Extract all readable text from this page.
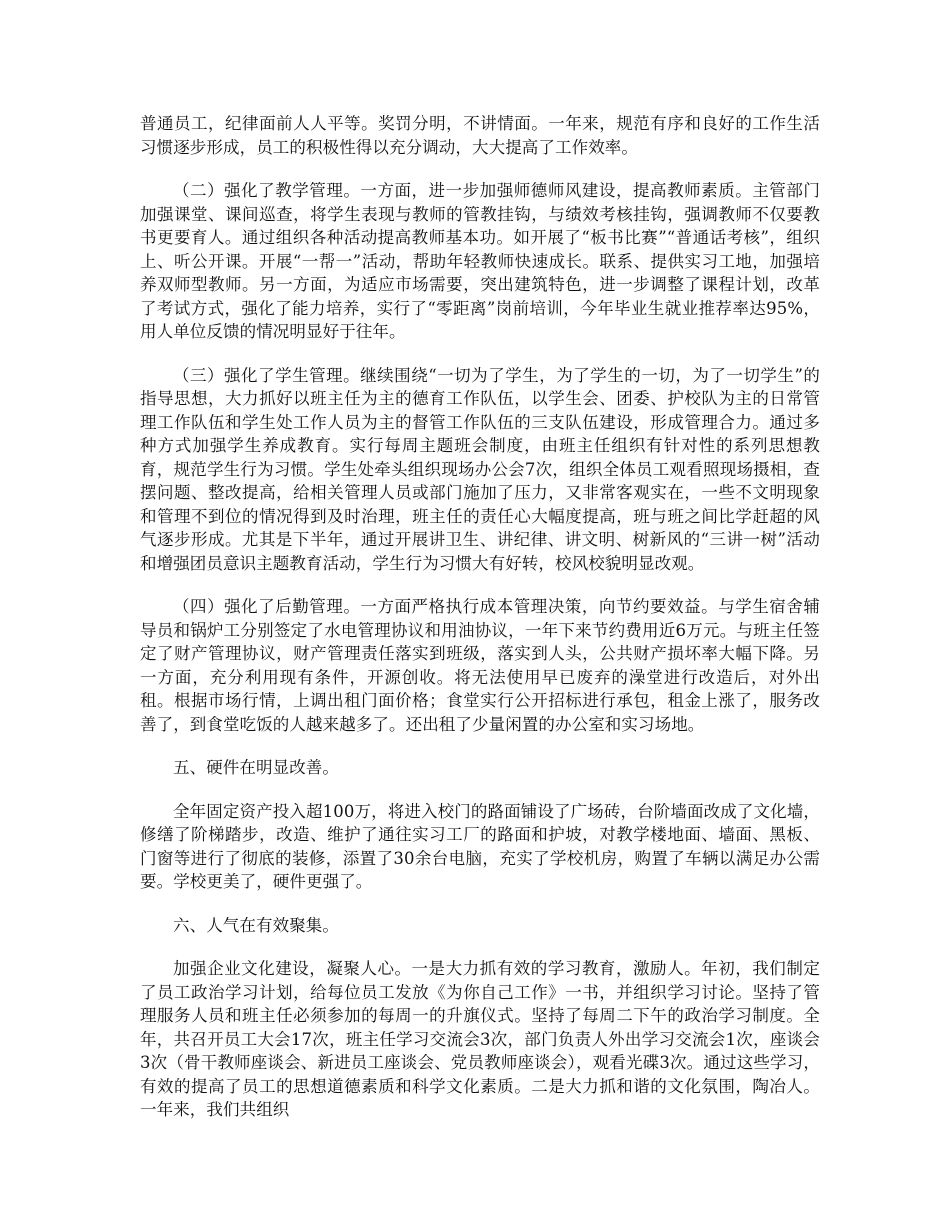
普通员工，纪律面前人人平等。奖罚分明，不讲情面。一年来，规范有序和良好的工作生活习惯逐步形成，员工的积极性得以充分调动，大大提高了工作效率。

（二）强化了教学管理。一方面，进一步加强师德师风建设，提高教师素质。主管部门加强课堂、课间巡查，将学生表现与教师的管教挂钩，与绩效考核挂钩，强调教师不仅要教书更要育人。通过组织各种活动提高教师基本功。如开展了“板书比赛”“普通话考核”，组织上、听公开课。开展“一帮一”活动，帮助年轻教师快速成长。联系、提供实习工地，加强培养双师型教师。另一方面，为适应市场需要，突出建筑特色，进一步调整了课程计划，改革了考试方式，强化了能力培养，实行了“零距离”岗前培训，今年毕业生就业推荐率达95%，用人单位反馈的情况明显好于往年。

（三）强化了学生管理。继续围绕“一切为了学生，为了学生的一切，为了一切学生”的指导思想，大力抓好以班主任为主的德育工作队伍，以学生会、团委、护校队为主的日常管理工作队伍和学生处工作人员为主的督管工作队伍的三支队伍建设，形成管理合力。通过多种方式加强学生养成教育。实行每周主题班会制度，由班主任组织有针对性的系列思想教育，规范学生行为习惯。学生处牵头组织现场办公会7次，组织全体员工观看照现场摄相，查摆问题、整改提高，给相关管理人员或部门施加了压力，又非常客观实在，一些不文明现象和管理不到位的情况得到及时治理，班主任的责任心大幅度提高，班与班之间比学赶超的风气逐步形成。尤其是下半年，通过开展讲卫生、讲纪律、讲文明、树新风的“三讲一树”活动和增强团员意识主题教育活动，学生行为习惯大有好转，校风校貌明显改观。

（四）强化了后勤管理。一方面严格执行成本管理决策，向节约要效益。与学生宿舍辅导员和锅炉工分别签定了水电管理协议和用油协议，一年下来节约费用近6万元。与班主任签定了财产管理协议，财产管理责任落实到班级，落实到人头，公共财产损坏率大幅下降。另一方面，充分利用现有条件，开源创收。将无法使用早已废弃的澡堂进行改造后，对外出租。根据市场行情，上调出租门面价格；食堂实行公开招标进行承包，租金上涨了，服务改善了，到食堂吃饭的人越来越多了。还出租了少量闲置的办公室和实习场地。

五、硬件在明显改善。

全年固定资产投入超100万，将进入校门的路面铺设了广场砖，台阶墙面改成了文化墙，修缮了阶梯踏步，改造、维护了通往实习工厂的路面和护坡，对教学楼地面、墙面、黑板、门窗等进行了彻底的装修，添置了30余台电脑，充实了学校机房，购置了车辆以满足办公需要。学校更美了，硬件更强了。

六、人气在有效聚集。

加强企业文化建设，凝聚人心。一是大力抓有效的学习教育，激励人。年初，我们制定了员工政治学习计划，给每位员工发放《为你自己工作》一书，并组织学习讨论。坚持了管理服务人员和班主任必须参加的每周一的升旗仪式。坚持了每周二下午的政治学习制度。全年，共召开员工大会17次，班主任学习交流会3次，部门负责人外出学习交流会1次，座谈会3次（骨干教师座谈会、新进员工座谈会、党员教师座谈会），观看光碟3次。通过这些学习，有效的提高了员工的思想道德素质和科学文化素质。二是大力抓和谐的文化氛围，陶冶人。一年来，我们共组织
